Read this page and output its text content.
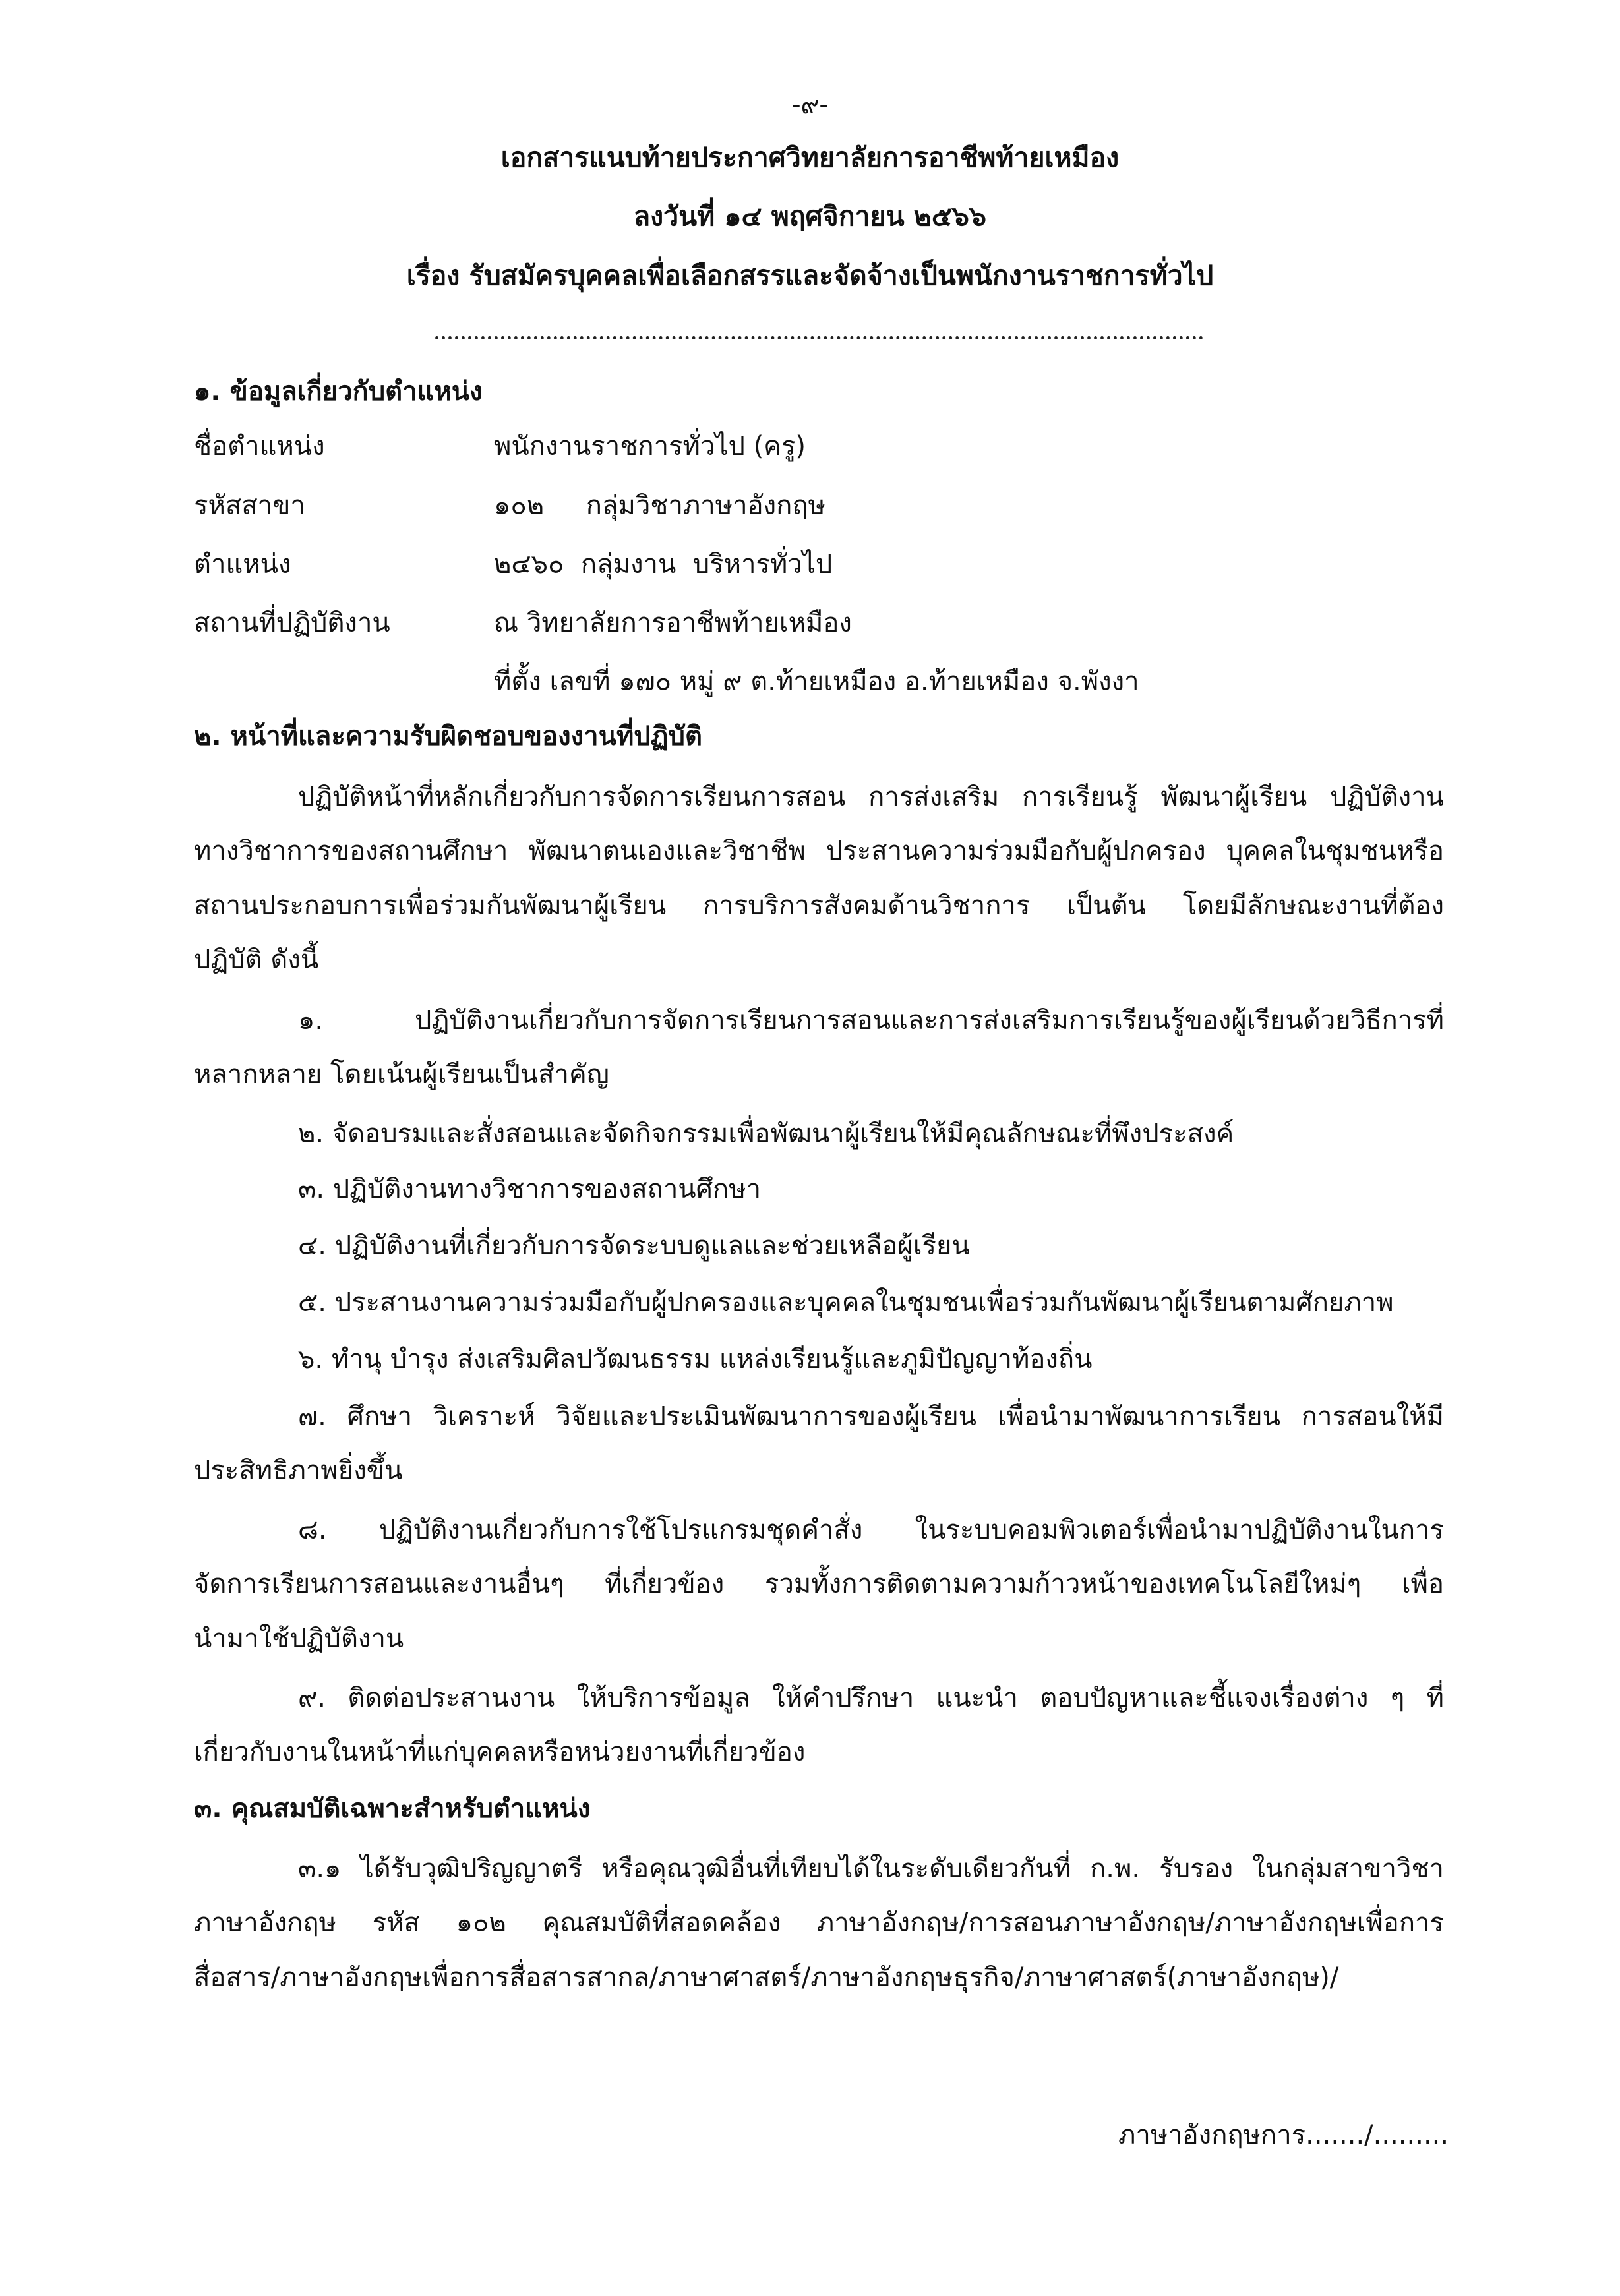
-๙-
เอกสารแนบท้ายประกาศวิทยาลัยการอาชีพท้ายเหมือง
ลงวันที่ ๑๔ พฤศจิกายน ๒๕๖๖
เรื่อง รับสมัครบุคคลเพื่อเลือกสรรและจัดจ้างเป็นพนักงานราชการทั่วไป
๑. ข้อมูลเกี่ยวกับตำแหน่ง
ชื่อตำแหน่ง	พนักงานราชการทั่วไป (ครู)
รหัสสาขา	๑๐๒     กลุ่มวิชาภาษาอังกฤษ
ตำแหน่ง	๒๔๖๐  กลุ่มงาน  บริหารทั่วไป
สถานที่ปฏิบัติงาน	ณ วิทยาลัยการอาชีพท้ายเหมือง
ที่ตั้ง เลขที่ ๑๗๐ หมู่ ๙ ต.ท้ายเหมือง อ.ท้ายเหมือง จ.พังงา
๒. หน้าที่และความรับผิดชอบของงานที่ปฏิบัติ
ปฏิบัติหน้าที่หลักเกี่ยวกับการจัดการเรียนการสอน การส่งเสริม การเรียนรู้ พัฒนาผู้เรียน ปฏิบัติงาน
ทางวิชาการของสถานศึกษา พัฒนาตนเองและวิชาชีพ ประสานความร่วมมือกับผู้ปกครอง บุคคลในชุมชนหรือ
สถานประกอบการเพื่อร่วมกันพัฒนาผู้เรียน การบริการสังคมด้านวิชาการ เป็นต้น โดยมีลักษณะงานที่ต้อง
ปฏิบัติ ดังนี้
๑. ปฏิบัติงานเกี่ยวกับการจัดการเรียนการสอนและการส่งเสริมการเรียนรู้ของผู้เรียนด้วยวิธีการที่
หลากหลาย โดยเน้นผู้เรียนเป็นสำคัญ
๒. จัดอบรมและสั่งสอนและจัดกิจกรรมเพื่อพัฒนาผู้เรียนให้มีคุณลักษณะที่พึงประสงค์
๓. ปฏิบัติงานทางวิชาการของสถานศึกษา
๔. ปฏิบัติงานที่เกี่ยวกับการจัดระบบดูแลและช่วยเหลือผู้เรียน
๕. ประสานงานความร่วมมือกับผู้ปกครองและบุคคลในชุมชนเพื่อร่วมกันพัฒนาผู้เรียนตามศักยภาพ
๖. ทำนุ บำรุง ส่งเสริมศิลปวัฒนธรรม แหล่งเรียนรู้และภูมิปัญญาท้องถิ่น
๗. ศึกษา วิเคราะห์ วิจัยและประเมินพัฒนาการของผู้เรียน เพื่อนำมาพัฒนาการเรียน การสอนให้มี
ประสิทธิภาพยิ่งขึ้น
๘. ปฏิบัติงานเกี่ยวกับการใช้โปรแกรมชุดคำสั่ง ในระบบคอมพิวเตอร์เพื่อนำมาปฏิบัติงานในการ
จัดการเรียนการสอนและงานอื่นๆ ที่เกี่ยวข้อง รวมทั้งการติดตามความก้าวหน้าของเทคโนโลยีใหม่ๆ เพื่อ
นำมาใช้ปฏิบัติงาน
๙. ติดต่อประสานงาน ให้บริการข้อมูล ให้คำปรึกษา แนะนำ ตอบปัญหาและชี้แจงเรื่องต่าง ๆ ที่
เกี่ยวกับงานในหน้าที่แก่บุคคลหรือหน่วยงานที่เกี่ยวข้อง
๓. คุณสมบัติเฉพาะสำหรับตำแหน่ง
๓.๑ ได้รับวุฒิปริญญาตรี หรือคุณวุฒิอื่นที่เทียบได้ในระดับเดียวกันที่ ก.พ. รับรอง ในกลุ่มสาขาวิชา
ภาษาอังกฤษ รหัส ๑๐๒ คุณสมบัติที่สอดคล้อง ภาษาอังกฤษ/การสอนภาษาอังกฤษ/ภาษาอังกฤษเพื่อการ
สื่อสาร/ภาษาอังกฤษเพื่อการสื่อสารสากล/ภาษาศาสตร์/ภาษาอังกฤษธุรกิจ/ภาษาศาสตร์(ภาษาอังกฤษ)/
ภาษาอังกฤษการ......./.........
